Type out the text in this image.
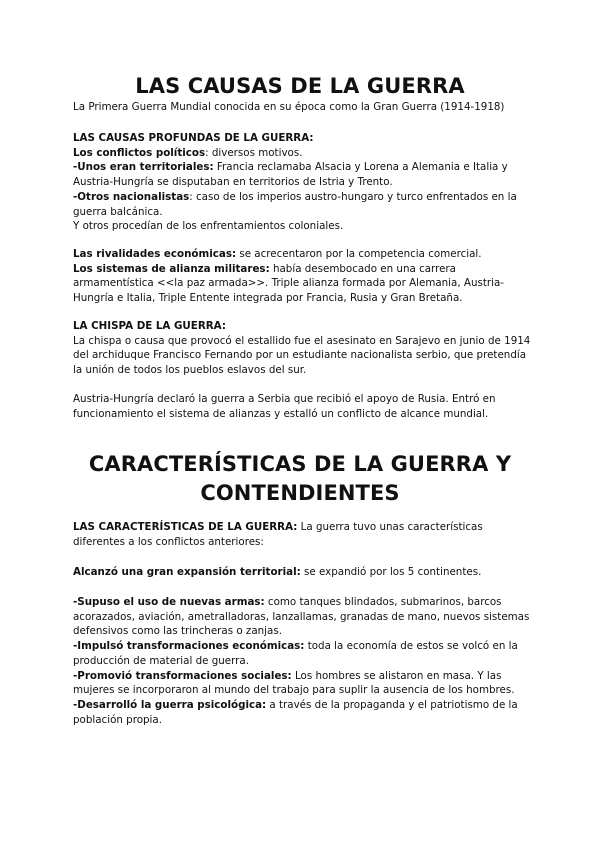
LAS CAUSAS DE LA GUERRA

La Primera Guerra Mundial conocida en su época como la Gran Guerra (1914-1918)

LAS CAUSAS PROFUNDAS DE LA GUERRA:

Los conflictos políticos: diversos motivos.

-Unos eran territoriales: Francia reclamaba Alsacia y Lorena a Alemania e Italia y Austria-Hungría se disputaban en territorios de Istria y Trento.

-Otros nacionalistas: caso de los imperios austro-hungaro y turco enfrentados en la guerra balcánica.

Y otros procedían de los enfrentamientos coloniales.

Las rivalidades económicas: se acrecentaron por la competencia comercial.

Los sistemas de alianza militares: había desembocado en una carrera armamentística <<la paz armada>>. Triple alianza formada por Alemania, Austria-Hungría e Italia, Triple Entente integrada por Francia, Rusia y Gran Bretaña.

LA CHISPA DE LA GUERRA:

La chispa o causa que provocó el estallido fue el asesinato en Sarajevo en junio de 1914 del archiduque Francisco Fernando por un estudiante nacionalista serbio, que pretendía la unión de todos los pueblos eslavos del sur.

Austria-Hungría declaró la guerra a Serbia que recibió el apoyo de Rusia. Entró en funcionamiento el sistema de alianzas y estalló un conflicto de alcance mundial.

CARACTERÍSTICAS DE LA GUERRA Y
CONTENDIENTES

LAS CARACTERÍSTICAS DE LA GUERRA: La guerra tuvo unas características diferentes a los conflictos anteriores:

Alcanzó una gran expansión territorial: se expandió por los 5 continentes.

-Supuso el uso de nuevas armas: como tanques blindados, submarinos, barcos acorazados, aviación, ametralladoras, lanzallamas, granadas de mano, nuevos sistemas defensivos como las trincheras o zanjas.

-Impulsó transformaciones económicas: toda la economía de estos se volcó en la producción de material de guerra.

-Promovió transformaciones sociales: Los hombres se alistaron en masa. Y las mujeres se incorporaron al mundo del trabajo para suplir la ausencia de los hombres.

-Desarrolló la guerra psicológica: a través de la propaganda y el patriotismo de la población propia.
